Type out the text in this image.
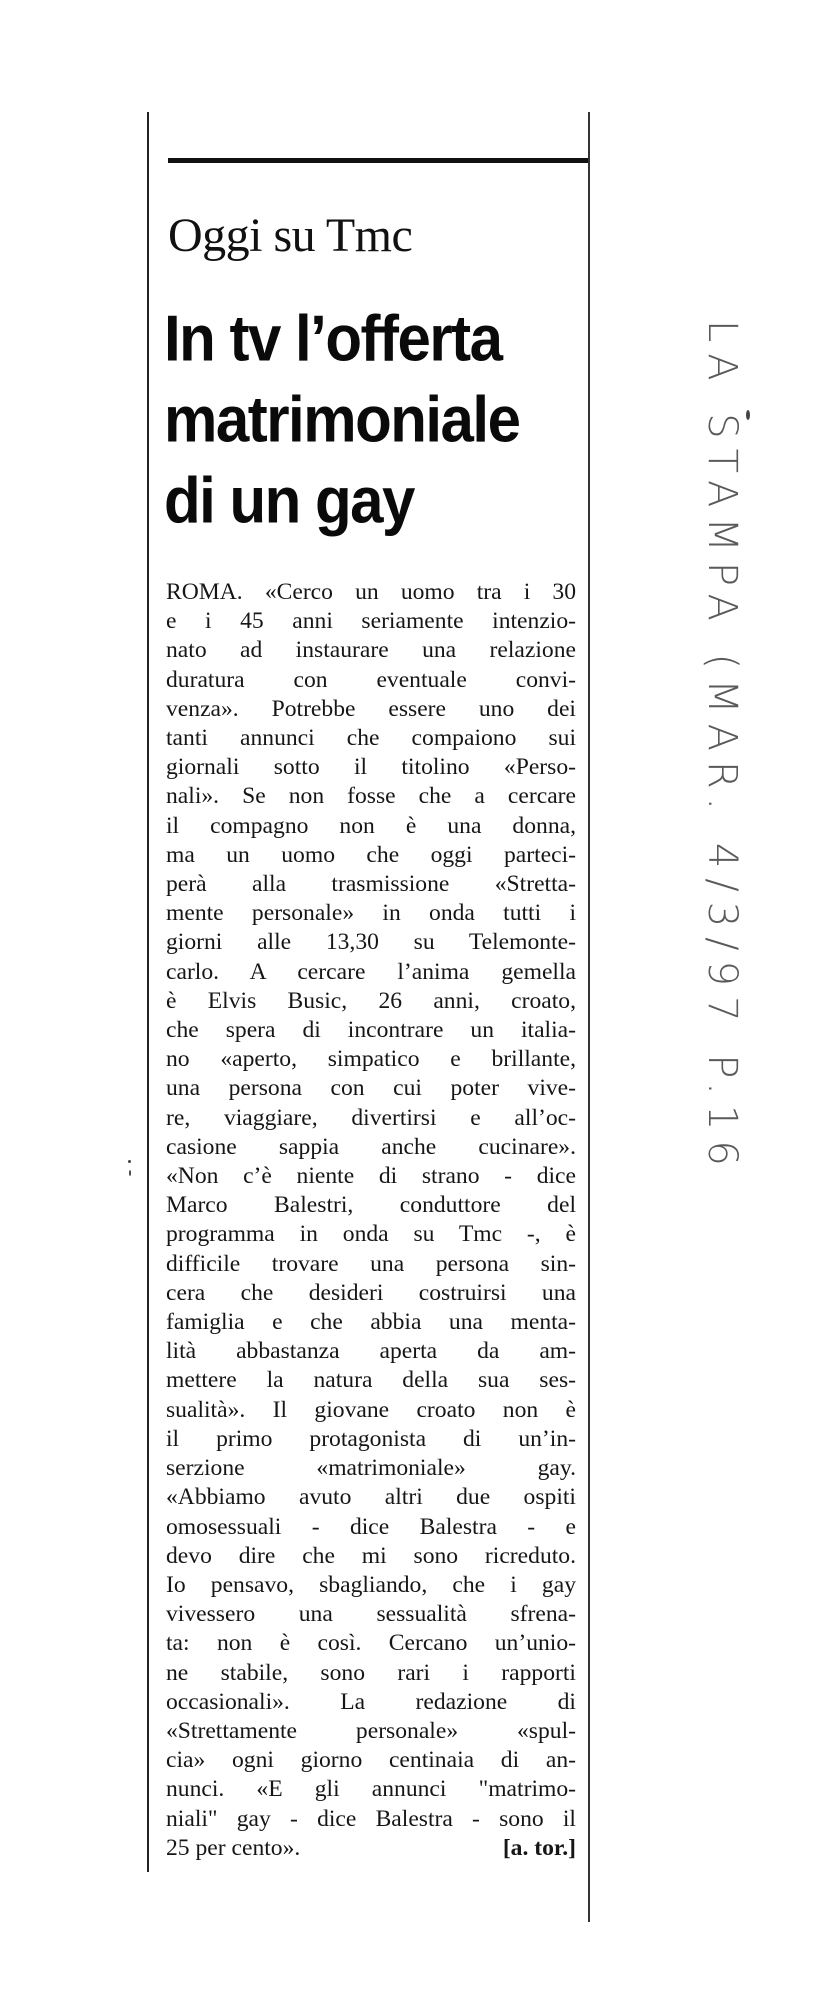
Oggi su Tmc
In tv l’offerta
matrimoniale
di un gay
ROMA. «Cerco un uomo tra i 30
e i 45 anni seriamente intenzio-
nato ad instaurare una relazione
duratura con eventuale convi-
venza». Potrebbe essere uno dei
tanti annunci che compaiono sui
giornali sotto il titolino «Perso-
nali». Se non fosse che a cercare
il compagno non è una donna,
ma un uomo che oggi parteci-
perà alla trasmissione «Stretta-
mente personale» in onda tutti i
giorni alle 13,30 su Telemonte-
carlo. A cercare l’anima gemella
è Elvis Busic, 26 anni, croato,
che spera di incontrare un italia-
no «aperto, simpatico e brillante,
una persona con cui poter vive-
re, viaggiare, divertirsi e all’oc-
casione sappia anche cucinare».
«Non c’è niente di strano - dice
Marco Balestri, conduttore del
programma in onda su Tmc -, è
difficile trovare una persona sin-
cera che desideri costruirsi una
famiglia e che abbia una menta-
lità abbastanza aperta da am-
mettere la natura della sua ses-
sualità». Il giovane croato non è
il primo protagonista di un’in-
serzione «matrimoniale» gay.
«Abbiamo avuto altri due ospiti
omosessuali - dice Balestra - e
devo dire che mi sono ricreduto.
Io pensavo, sbagliando, che i gay
vivessero una sessualità sfrena-
ta: non è così. Cercano un’unio-
ne stabile, sono rari i rapporti
occasionali». La redazione di
«Strettamente personale» «spul-
cia» ogni giorno centinaia di an-
nunci. «E gli annunci "matrimo-
niali" gay - dice Balestra - sono il
25 per cento».	[a. tor.]
LA STAMPA (MAR. 4/3/97 P.16
